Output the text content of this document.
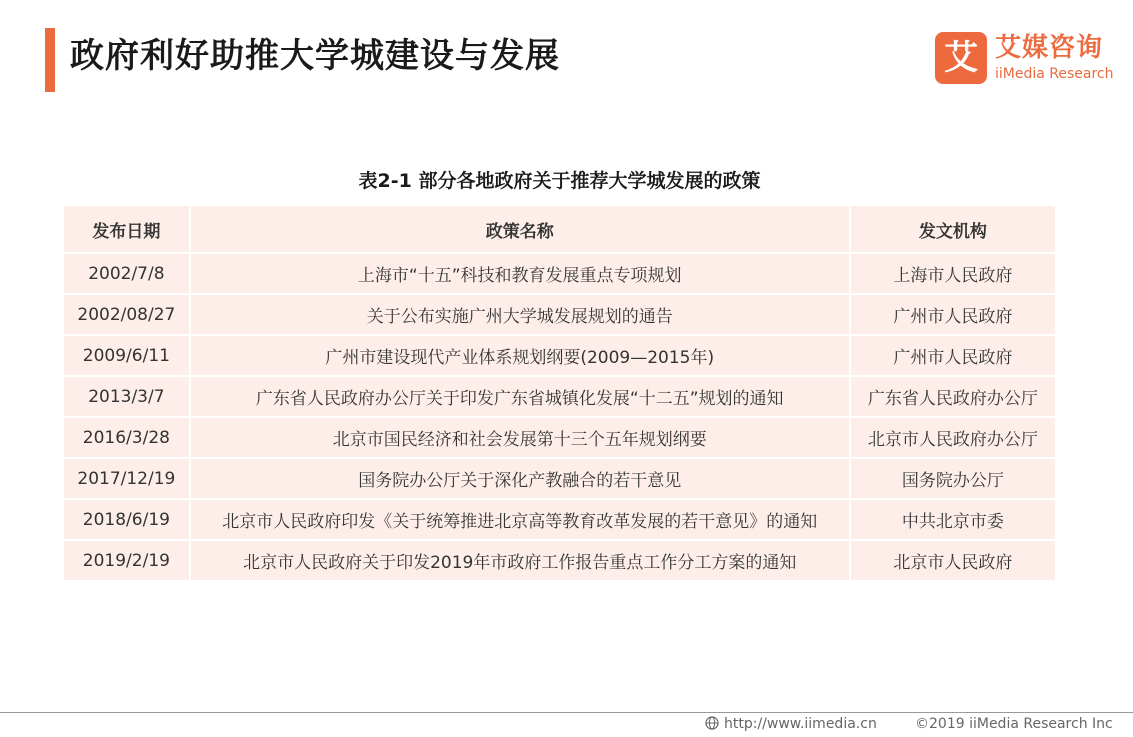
政府利好助推大学城建设与发展	艾 艾媒咨询
iiMedia Research
表2-1 部分各地政府关于推荐大学城发展的政策
发布日期	政策名称	发文机构
2002/7/8	上海市“十五”科技和教育发展重点专项规划	上海市人民政府
2002/08/27	关于公布实施广州大学城发展规划的通告	广州市人民政府
2009/6/11	广州市建设现代产业体系规划纲要(2009—2015年)	广州市人民政府
2013/3/7	广东省人民政府办公厅关于印发广东省城镇化发展“十二五”规划的通知	广东省人民政府办公厅
2016/3/28	北京市国民经济和社会发展第十三个五年规划纲要	北京市人民政府办公厅
2017/12/19	国务院办公厅关于深化产教融合的若干意见	国务院办公厅
2018/6/19	北京市人民政府印发《关于统筹推进北京高等教育改革发展的若干意见》的通知	中共北京市委
2019/2/19	北京市人民政府关于印发2019年市政府工作报告重点工作分工方案的通知	北京市人民政府
http://www.iimedia.cn	©2019 iiMedia Research Inc
